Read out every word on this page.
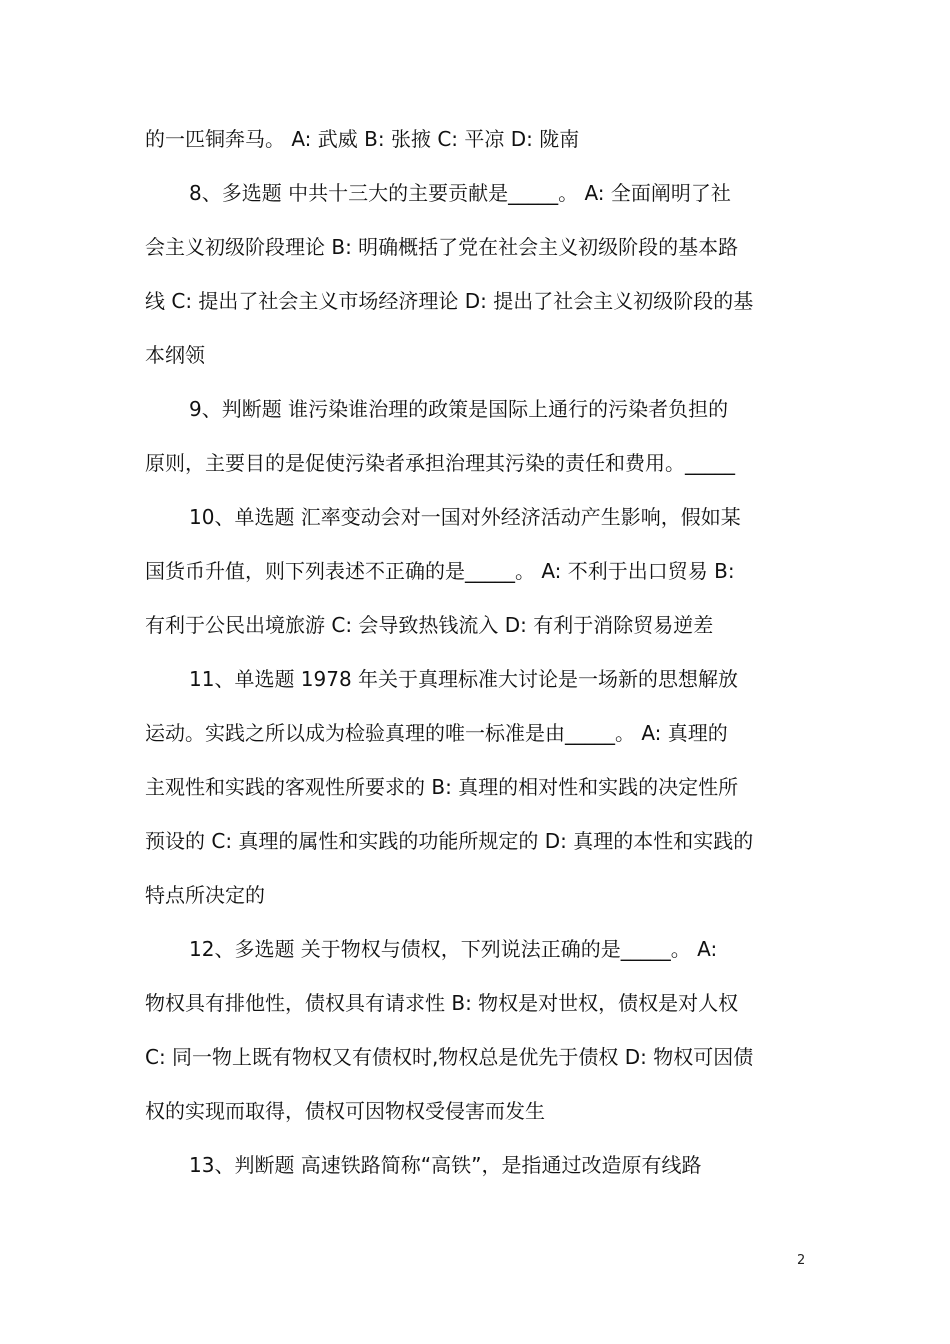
的一匹铜奔马。 A: 武威 B: 张掖 C: 平凉 D: 陇南
8、多选题 中共十三大的主要贡献是_____。 A: 全面阐明了社
会主义初级阶段理论 B: 明确概括了党在社会主义初级阶段的基本路
线 C: 提出了社会主义市场经济理论 D: 提出了社会主义初级阶段的基
本纲领
9、判断题 谁污染谁治理的政策是国际上通行的污染者负担的
原则，主要目的是促使污染者承担治理其污染的责任和费用。_____
10、单选题 汇率变动会对一国对外经济活动产生影响，假如某
国货币升值，则下列表述不正确的是_____。 A: 不利于出口贸易 B:
有利于公民出境旅游 C: 会导致热钱流入 D: 有利于消除贸易逆差
11、单选题 1978 年关于真理标准大讨论是一场新的思想解放
运动。实践之所以成为检验真理的唯一标准是由_____。 A: 真理的
主观性和实践的客观性所要求的 B: 真理的相对性和实践的决定性所
预设的 C: 真理的属性和实践的功能所规定的 D: 真理的本性和实践的
特点所决定的
12、多选题 关于物权与债权，下列说法正确的是_____。 A:
物权具有排他性，债权具有请求性 B: 物权是对世权，债权是对人权
C: 同一物上既有物权又有债权时,物权总是优先于债权 D: 物权可因债
权的实现而取得，债权可因物权受侵害而发生
13、判断题 高速铁路简称“高铁”，是指通过改造原有线路
2
